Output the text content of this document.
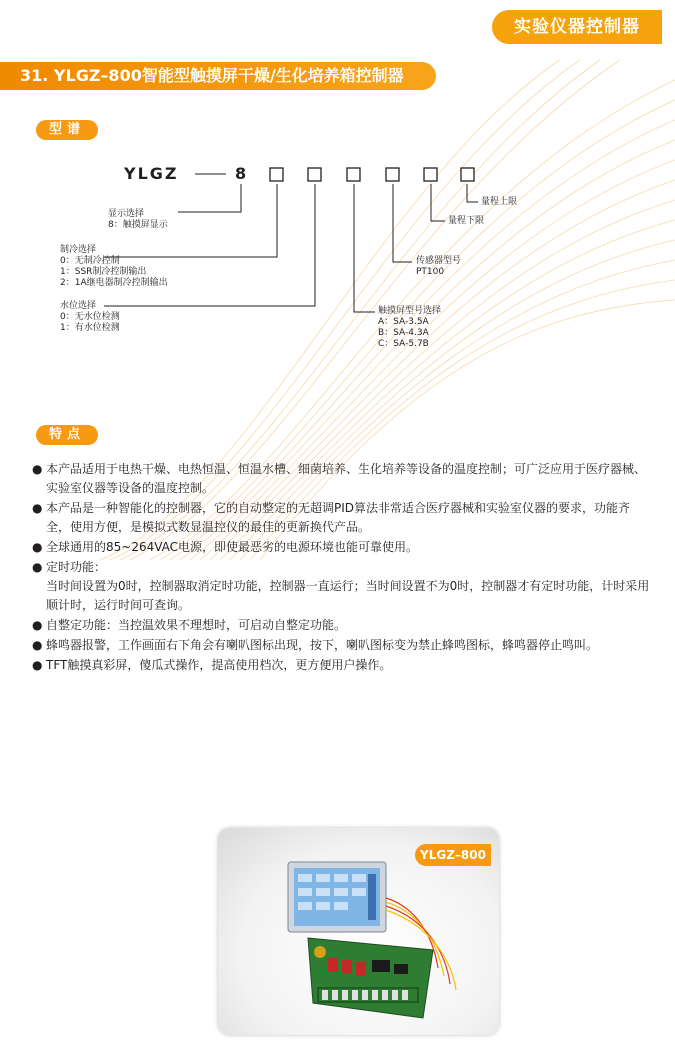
实验仪器控制器
31. YLGZ–800智能型触摸屏干燥/生化培养箱控制器
型谱
YLGZ	8
显示选择
8：触摸屏显示
制冷选择
0：无制冷控制
1：SSR制冷控制输出
2：1A继电器制冷控制输出
水位选择
0：无水位检测
1：有水位检测
触摸屏型号选择
A：SA-3.5A
B：SA-4.3A
C：SA-5.7B
传感器型号
PT100
量程下限
量程上限
特点
● 本产品适用于电热干燥、电热恒温、恒温水槽、细菌培养、生化培养等设备的温度控制；可广泛应用于医疗器械、实验室仪器等设备的温度控制。
● 本产品是一种智能化的控制器，它的自动整定的无超调PID算法非常适合医疗器械和实验室仪器的要求，功能齐全，使用方便，是模拟式数显温控仪的最佳的更新换代产品。
● 全球通用的85~264VAC电源，即使最恶劣的电源环境也能可靠使用。
● 定时功能：
当时间设置为0时，控制器取消定时功能，控制器一直运行；当时间设置不为0时，控制器才有定时功能，计时采用顺计时，运行时间可查询。
● 自整定功能：当控温效果不理想时，可启动自整定功能。
● 蜂鸣器报警，工作画面右下角会有喇叭图标出现，按下，喇叭图标变为禁止蜂鸣图标，蜂鸣器停止鸣叫。
● TFT触摸真彩屏，傻瓜式操作，提高使用档次，更方便用户操作。
YLGZ–800
